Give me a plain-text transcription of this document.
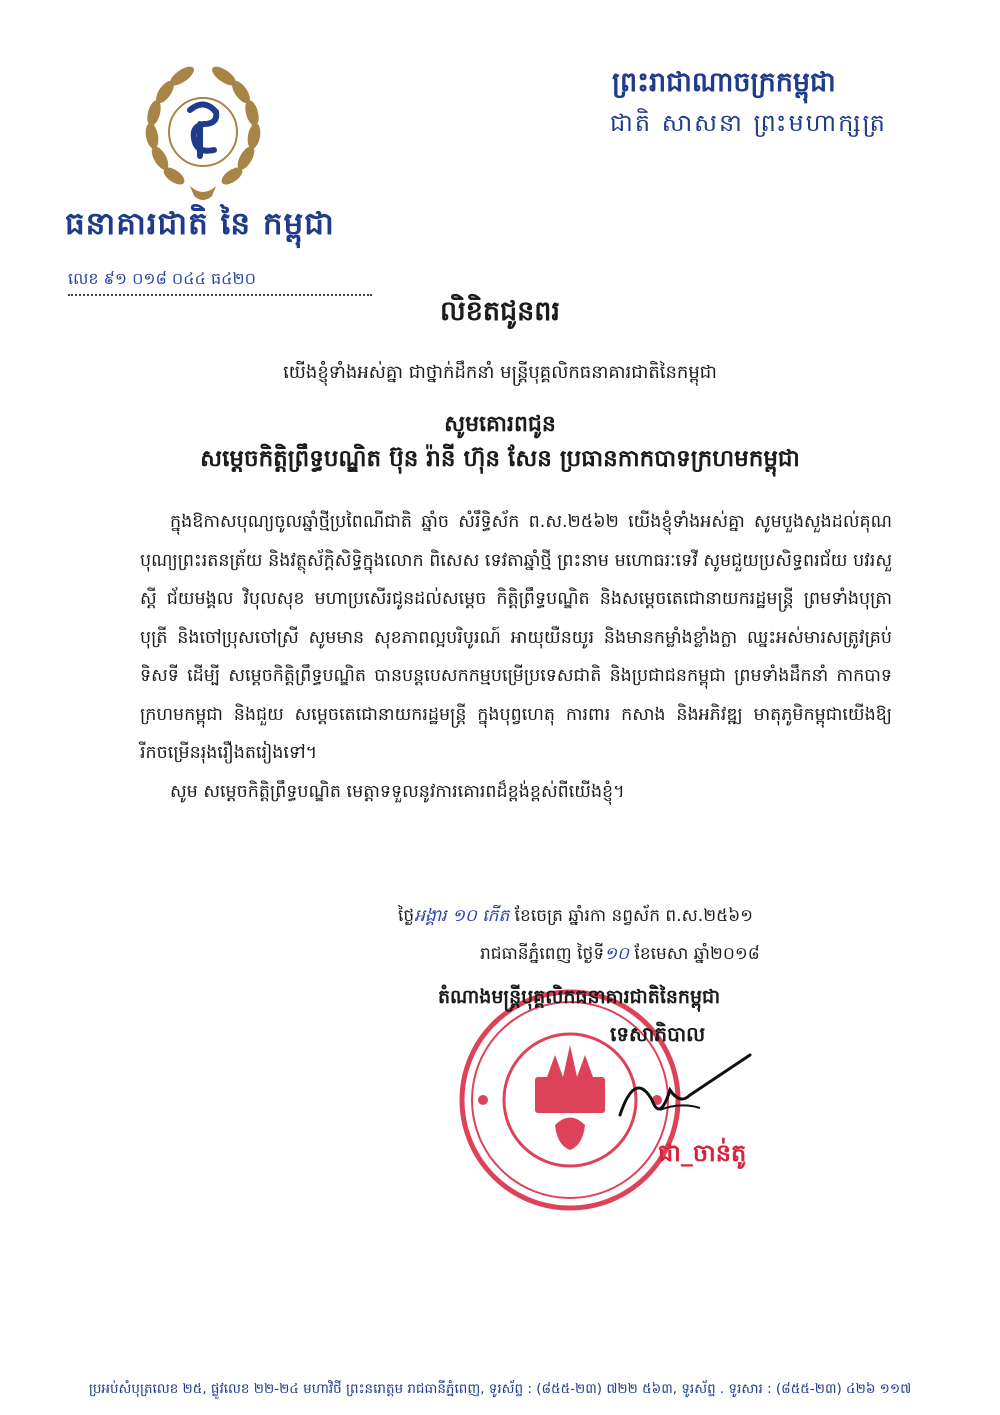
ធនាគារជាតិ នៃ កម្ពុជា
លេខ ៩១ ០១៨ ០៤៤ ធ៤២០
ព្រះរាជាណាចក្រកម្ពុជា
ជាតិ សាសនា ព្រះមហាក្សត្រ
លិខិតជូនពរ
យើងខ្ញុំទាំងអស់គ្នា ជាថ្នាក់ដឹកនាំ មន្ត្រីបុគ្គលិកធនាគារជាតិនៃកម្ពុជា
សូមគោរពជូន
សម្តេចកិត្តិព្រឹទ្ធបណ្ឌិត ប៊ុន រ៉ានី ហ៊ុន សែន ប្រធានកាកបាទក្រហមកម្ពុជា

ក្នុងឱកាសបុណ្យចូលឆ្នាំថ្មីប្រពៃណីជាតិ ឆ្នាំច សំរឹទ្ធិស័ក ព.ស.២៥៦២ យើងខ្ញុំទាំងអស់គ្នា សូមបួងសួងដល់គុណបុណ្យព្រះរតនត្រ័យ និងវត្ថុស័ក្តិសិទ្ធិក្នុងលោក ពិសេស ទេវតាឆ្នាំថ្មី ព្រះនាម មហោធរៈទេវី សូមជួយប្រសិទ្ធពរជ័យ បវរសួស្តី ជ័យមង្គល វិបុលសុខ មហាប្រសើរជូនដល់សម្តេច កិត្តិព្រឹទ្ធបណ្ឌិត និងសម្តេចតេជោនាយករដ្ឋមន្ត្រី ព្រមទាំងបុត្រាបុត្រី និងចៅប្រុសចៅស្រី សូមមាន សុខភាពល្អបរិបូរណ៍ អាយុយឺនយូរ និងមានកម្លាំងខ្លាំងក្លា ឈ្នះអស់មារសត្រូវគ្រប់ទិសទី ដើម្បី សម្តេចកិត្តិព្រឹទ្ធបណ្ឌិត បានបន្តបេសកកម្មបម្រើប្រទេសជាតិ និងប្រជាជនកម្ពុជា ព្រមទាំងដឹកនាំ កាកបាទក្រហមកម្ពុជា និងជួយ សម្តេចតេជោនាយករដ្ឋមន្ត្រី ក្នុងបុព្វហេតុ ការពារ កសាង និងអភិវឌ្ឍ មាតុភូមិកម្ពុជាយើងឱ្យរីកចម្រើនរុងរឿងតរៀងទៅ។

សូម សម្តេចកិត្តិព្រឹទ្ធបណ្ឌិត មេត្តាទទួលនូវការគោរពដ៏ខ្ពង់ខ្ពស់ពីយើងខ្ញុំ។

ថ្ងៃអង្គារ ១០ កើត ខែចេត្រ ឆ្នាំរកា នព្វស័ក ព.ស.២៥៦១
រាជធានីភ្នំពេញ ថ្ងៃទី១០ ខែមេសា ឆ្នាំ២០១៨
តំណាងមន្ត្រីបុគ្គលិកធនាគារជាតិនៃកម្ពុជា
ទេសាភិបាល
ជា_ចាន់តូ
ប្រអប់សំបុត្រលេខ ២៥, ផ្លូវលេខ ២២-២៤ មហាវិថី ព្រះនរោត្តម រាជធានីភ្នំពេញ, ទូរស័ព្ទ : (៨៥៥-២៣) ៧២២ ៥៦៣, ទូរស័ព្ទ . ទូរសារ : (៨៥៥-២៣) ៤២៦ ១១៧
